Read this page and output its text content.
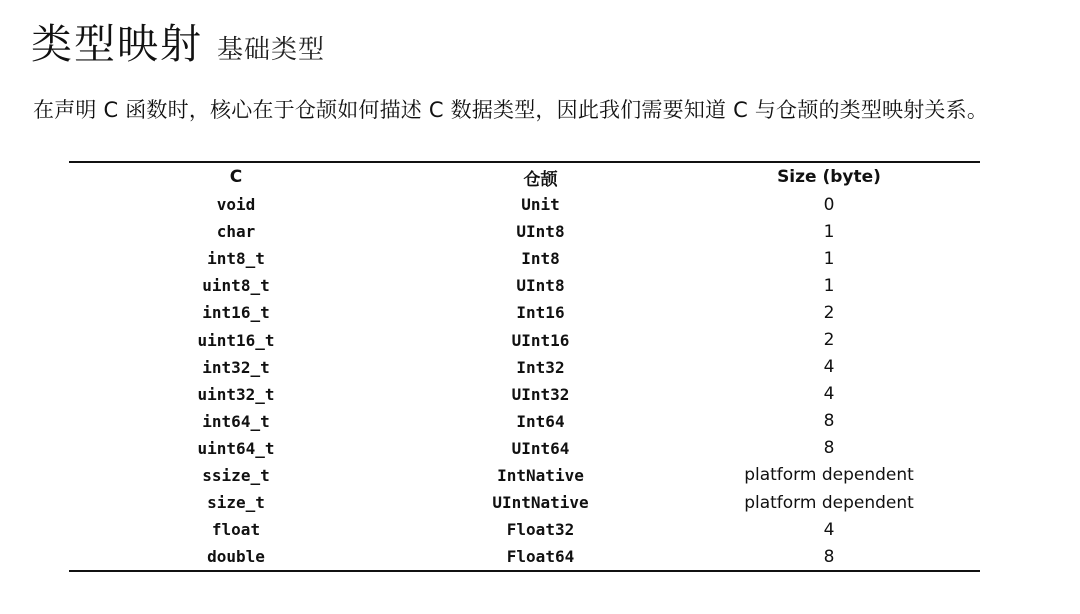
类型映射 基础类型
在声明 C 函数时，核心在于仓颉如何描述 C 数据类型，因此我们需要知道 C 与仓颉的类型映射关系。
C	仓颉	Size (byte)
void	Unit	0
char	UInt8	1
int8_t	Int8	1
uint8_t	UInt8	1
int16_t	Int16	2
uint16_t	UInt16	2
int32_t	Int32	4
uint32_t	UInt32	4
int64_t	Int64	8
uint64_t	UInt64	8
ssize_t	IntNative	platform dependent
size_t	UIntNative	platform dependent
float	Float32	4
double	Float64	8
